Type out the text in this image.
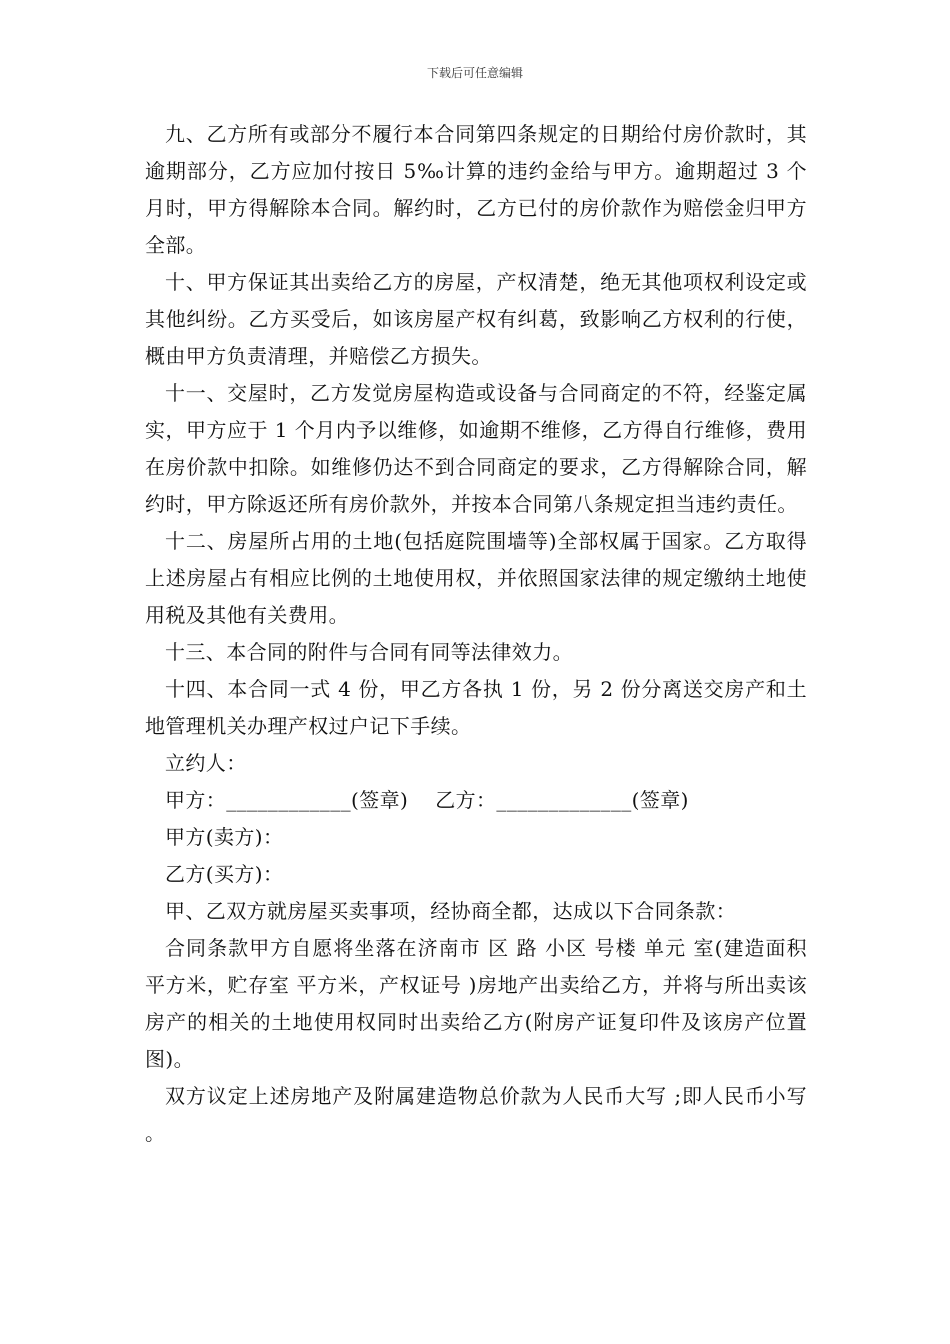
下载后可任意编辑

九、乙方所有或部分不履行本合同第四条规定的日期给付房价款时，其逾期部分，乙方应加付按日 5‰计算的违约金给与甲方。逾期超过 3 个月时，甲方得解除本合同。解约时，乙方已付的房价款作为赔偿金归甲方全部。

十、甲方保证其出卖给乙方的房屋，产权清楚，绝无其他项权利设定或其他纠纷。乙方买受后，如该房屋产权有纠葛，致影响乙方权利的行使，概由甲方负责清理，并赔偿乙方损失。

十一、交屋时，乙方发觉房屋构造或设备与合同商定的不符，经鉴定属实，甲方应于 1 个月内予以维修，如逾期不维修，乙方得自行维修，费用在房价款中扣除。如维修仍达不到合同商定的要求，乙方得解除合同，解约时，甲方除返还所有房价款外，并按本合同第八条规定担当违约责任。

十二、房屋所占用的土地(包括庭院围墙等)全部权属于国家。乙方取得上述房屋占有相应比例的土地使用权，并依照国家法律的规定缴纳土地使用税及其他有关费用。

十三、本合同的附件与合同有同等法律效力。

十四、本合同一式 4 份，甲乙方各执 1 份，另 2 份分离送交房产和土地管理机关办理产权过户记下手续。

立约人：

甲方：____________(签章)    乙方：_____________(签章)

甲方(卖方)：

乙方(买方)：

甲、乙双方就房屋买卖事项，经协商全都，达成以下合同条款：

合同条款甲方自愿将坐落在济南市 区 路 小区 号楼 单元 室(建造面积 平方米，贮存室 平方米，产权证号 )房地产出卖给乙方，并将与所出卖该房产的相关的土地使用权同时出卖给乙方(附房产证复印件及该房产位置图)。

双方议定上述房地产及附属建造物总价款为人民币大写 ;即人民币小写 。
